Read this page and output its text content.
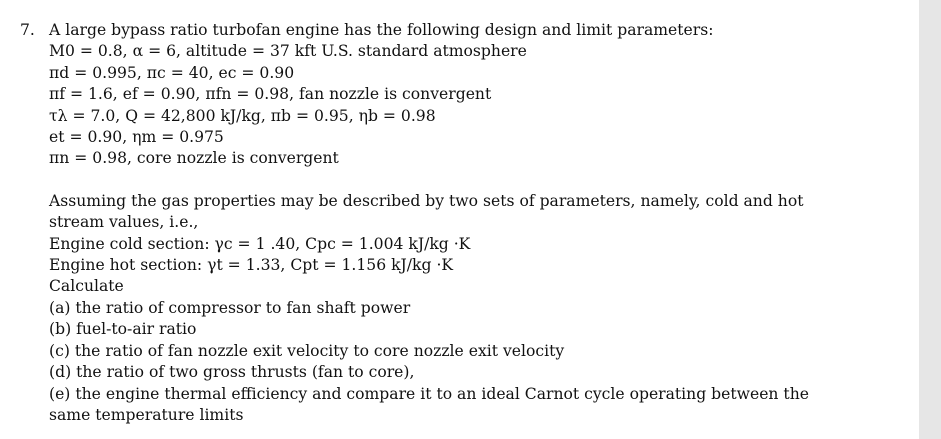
7. A large bypass ratio turbofan engine has the following design and limit parameters:
M0 = 0.8, α = 6, altitude = 37 kft U.S. standard atmosphere
πd = 0.995, πc = 40, ec = 0.90
πf = 1.6, ef = 0.90, πfn = 0.98, fan nozzle is convergent
τλ = 7.0, Q = 42,800 kJ/kg, πb = 0.95, ηb = 0.98
et = 0.90, ηm = 0.975
πn = 0.98, core nozzle is convergent
Assuming the gas properties may be described by two sets of parameters, namely, cold and hot
stream values, i.e.,
Engine cold section: γc = 1 .40, Cpc = 1.004 kJ/kg ·K
Engine hot section: γt = 1.33, Cpt = 1.156 kJ/kg ·K
Calculate
(a) the ratio of compressor to fan shaft power
(b) fuel-to-air ratio
(c) the ratio of fan nozzle exit velocity to core nozzle exit velocity
(d) the ratio of two gross thrusts (fan to core),
(e) the engine thermal efficiency and compare it to an ideal Carnot cycle operating between the
same temperature limits
